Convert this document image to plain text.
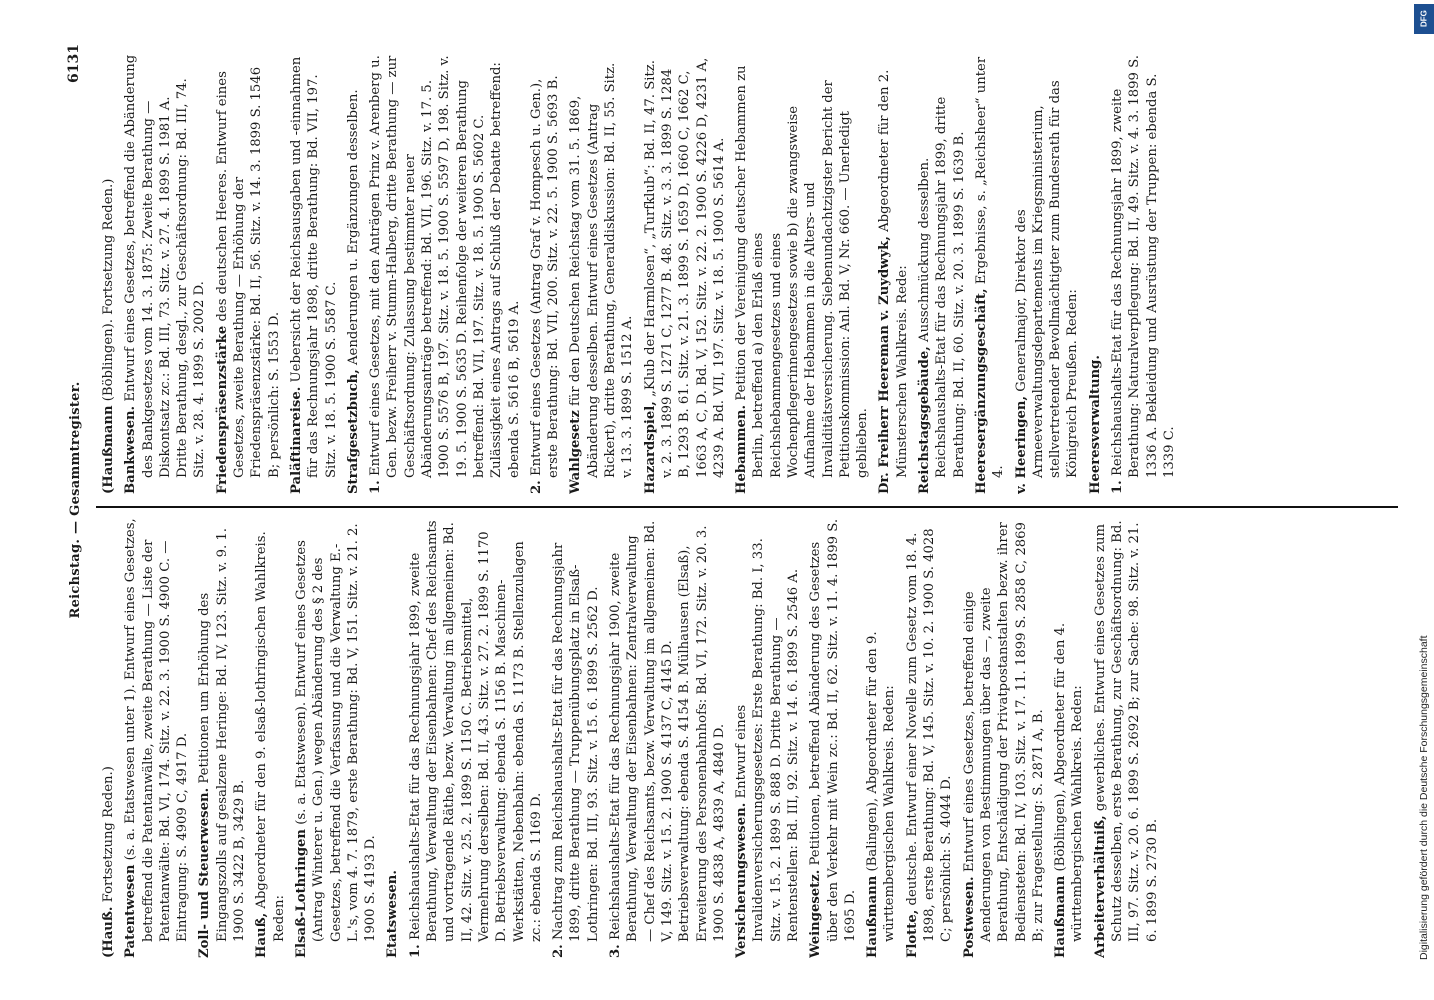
Reichstag. — Gesammtregister.
6131
(Hauß. Fortsetzung Reden.)
Patentwesen (s. a. Etatswesen unter 1). Entwurf eines Gesetzes, betreffend die Patentanwälte, zweite Berathung — Liste der Patentanwälte: Bd. VI, 174. Sitz. v. 22. 3. 1900 S. 4900 C. — Eintragung: S. 4909 C, 4917 D. Zoll- und Steuerwesen. Petitionen um Erhöhung des Eingangszolls auf gesalzene Heringe: Bd. IV, 123. Sitz. v. 9. 1. 1900 S. 3422 B, 3429 B. Hauß, Abgeordneter für den 9. elsaß-lothringischen Wahlkreis. Reden: Elsaß-Lothringen (s. a. Etatswesen). Entwurf eines Gesetzes (Antrag Winterer u. Gen.) wegen Abänderung des § 2 des Gesetzes, betreffend die Verfassung und die Verwaltung E.-L.'s, vom 4. 7. 1879, erste Berathung: Bd. V, 151. Sitz. v. 21. 2. 1900 S. 4193 D. Etatswesen. 1. Reichshaushalts-Etat für das Rechnungsjahr 1899, zweite Berathung, Verwaltung der Eisenbahnen: Chef des Reichsamts und vortragende Räthe, bezw. Verwaltung im allgemeinen: Bd. II, 42. Sitz. v. 25. 2. 1899 S. 1150 C. Betriebsmittel, Vermehrung derselben: Bd. II, 43. Sitz. v. 27. 2. 1899 S. 1170 D. Betriebsverwaltung: ebenda S. 1156 B. Maschinen-Werkstätten, Nebenbahn: ebenda S. 1173 B. Stellenzulagen zc.: ebenda S. 1169 D.
2. Nachtrag zum Reichshaushalts-Etat für das Rechnungsjahr 1899, dritte Berathung — Truppenübungsplatz in Elsaß-Lothringen: Bd. III, 93. Sitz. v. 15. 6. 1899 S. 2562 D.
3. Reichshaushalts-Etat für das Rechnungsjahr 1900, zweite Berathung, Verwaltung der Eisenbahnen: Zentralverwaltung — Chef des Reichsamts, bezw. Verwaltung im allgemeinen: Bd. V, 149. Sitz. v. 15. 2. 1900 S. 4137 C, 4145 D. Betriebsverwaltung: ebenda S. 4154 B. Mülhausen (Elsaß), Erweiterung des Personenbahnhofs: Bd. VI, 172. Sitz. v. 20. 3. 1900 S. 4838 A, 4839 A, 4840 D. Versicherungswesen. Entwurf eines Invalidenversicherungsgesetzes: Erste Berathung: Bd. I, 33. Sitz. v. 15. 2. 1899 S. 888 D. Dritte Berathung — Rentenstellen: Bd. III, 92. Sitz. v. 14. 6. 1899 S. 2546 A. Weingesetz. Petitionen, betreffend Abänderung des Gesetzes über den Verkehr mit Wein zc.: Bd. II, 62. Sitz. v. 11. 4. 1899 S. 1695 D. Haußmann (Balingen), Abgeordneter für den 9. württembergischen Wahlkreis. Reden: Flotte, deutsche. Entwurf einer Novelle zum Gesetz vom 18. 4. 1898, erste Berathung: Bd. V, 145. Sitz. v. 10. 2. 1900 S. 4028 C; persönlich: S. 4044 D. Postwesen. Entwurf eines Gesetzes, betreffend einige Aenderungen von Bestimmungen über das —, zweite Berathung, Entschädigung der Privatpostanstalten bezw. ihrer Bediensteten: Bd. IV, 103. Sitz. v. 17. 11. 1899 S. 2858 C, 2869 B; zur Fragestellung: S. 2871 A, B. Haußmann (Böblingen), Abgeordneter für den 4. württembergischen Wahlkreis. Reden: Arbeiterverhältniß, gewerbliches. Entwurf eines Gesetzes zum Schutz desselben, erste Berathung, zur Geschäftsordnung: Bd. III, 97. Sitz. v. 20. 6. 1899 S. 2692 B; zur Sache: 98. Sitz. v. 21. 6. 1899 S. 2730 B.
(Haußmann (Böblingen). Fortsetzung Reden.)
Bankwesen. Entwurf eines Gesetzes, betreffend die Abänderung des Bankgesetzes vom 14. 3. 1875: Zweite Berathung — Diskontsatz zc.: Bd. III, 73. Sitz. v. 27. 4. 1899 S. 1981 A. Dritte Berathung, desgl., zur Geschäftsordnung: Bd. III, 74. Sitz. v. 28. 4. 1899 S. 2002 D. Friedenspräsenzstärke des deutschen Heeres. Entwurf eines Gesetzes, zweite Berathung — Erhöhung der Friedenspräsenzstärke: Bd. II, 56. Sitz. v. 14. 3. 1899 S. 1546 B; persönlich: S. 1553 D. Paläftinareise. Uebersicht der Reichsausgaben und -einnahmen für das Rechnungsjahr 1898, dritte Berathung: Bd. VII, 197. Sitz. v. 18. 5. 1900 S. 5587 C. Strafgesetzbuch, Aenderungen u. Ergänzungen desselben.
1. Entwurf eines Gesetzes, mit den Anträgen Prinz v. Arenberg u. Gen. bezw. Freiherr v. Stumm-Halberg, dritte Berathung — zur Geschäftsordnung: Zulassung bestimmter neuer Abänderungsanträge betreffend: Bd. VII, 196. Sitz. v. 17. 5. 1900 S. 5576 B, 197. Sitz. v. 18. 5. 1900 S. 5597 D, 198. Sitz. v. 19. 5. 1900 S. 5635 D. Reihenfolge der weiteren Berathung betreffend: Bd. VII, 197. Sitz. v. 18. 5. 1900 S. 5602 C. Zulässigkeit eines Antrags auf Schluß der Debatte betreffend: ebenda S. 5616 B, 5619 A.
2. Entwurf eines Gesetzes (Antrag Graf v. Hompesch u. Gen.), erste Berathung: Bd. VII, 200. Sitz. v. 22. 5. 1900 S. 5693 B. Wahlgesetz für den Deutschen Reichstag vom 31. 5. 1869, Abänderung desselben. Entwurf eines Gesetzes (Antrag Rickert), dritte Berathung, Generaldiskussion: Bd. II, 55. Sitz. v. 13. 3. 1899 S. 1512 A. Hazardspiel, „Klub der Harmlosen“, „Turfklub“: Bd. II, 47. Sitz. v. 2. 3. 1899 S. 1271 C, 1277 B. 48. Sitz. v. 3. 3. 1899 S. 1284 B, 1293 B. 61. Sitz. v. 21. 3. 1899 S. 1659 D, 1660 C, 1662 C, 1663 A, C, D. Bd. V, 152. Sitz. v. 22. 2. 1900 S. 4226 D, 4231 A, 4239 A. Bd. VII, 197. Sitz. v. 18. 5. 1900 S. 5614 A. Hebammen. Petition der Vereinigung deutscher Hebammen zu Berlin, betreffend a) den Erlaß eines Reichshebammengesetzes und eines Wochenpflegerinnengesetzes sowie b) die zwangsweise Aufnahme der Hebammen in die Alters- und Invaliditätsversicherung. Siebenundachtzigster Bericht der Petitionskommission: Anl. Bd. V, Nr. 660. — Unerledigt geblieben. Dr. Freiherr Heereman v. Zuydwyk, Abgeordneter für den 2. Münsterschen Wahlkreis. Rede: Reichstagsgebäude, Ausschmückung desselben. Reichshaushalts-Etat für das Rechnungsjahr 1899, dritte Berathung: Bd. II, 60. Sitz. v. 20. 3. 1899 S. 1639 B. Heeresergänzungsgeschäft, Ergebnisse, s. „Reichsheer“ unter 4. v. Heeringen, Generalmajor, Direktor des Armeeverwaltungsdepartements im Kriegsministerium, stellvertretender Bevollmächtigter zum Bundesrath für das Königreich Preußen. Reden: Heeresverwaltung. 1. Reichshaushalts-Etat für das Rechnungsjahr 1899, zweite Berathung: Naturalverpflegung: Bd. II, 49. Sitz. v. 4. 3. 1899 S. 1336 A. Bekleidung und Ausrüstung der Truppen: ebenda S. 1339 C.
Digitalisierung gefördert durch die Deutsche Forschungsgemeinschaft
DFG
